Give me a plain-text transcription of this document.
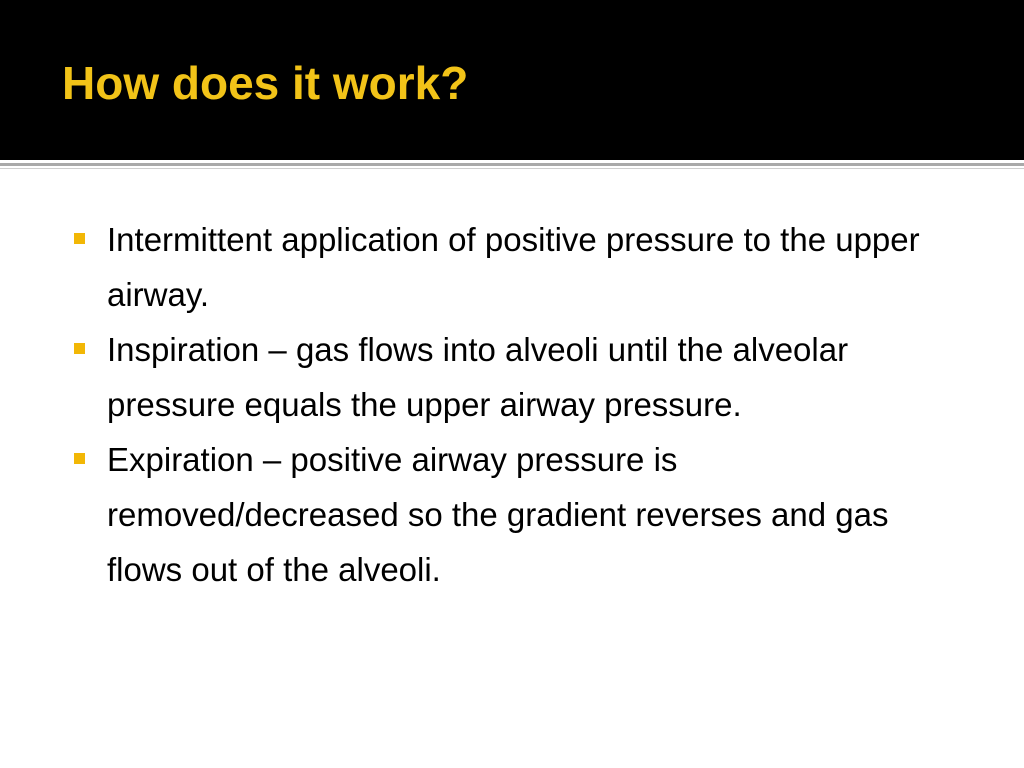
How does it work?
Intermittent application of positive pressure to the upper airway.
Inspiration – gas flows into alveoli until the alveolar pressure equals the upper airway pressure.
Expiration – positive airway pressure is removed/decreased so the gradient reverses and gas flows out of the alveoli.
